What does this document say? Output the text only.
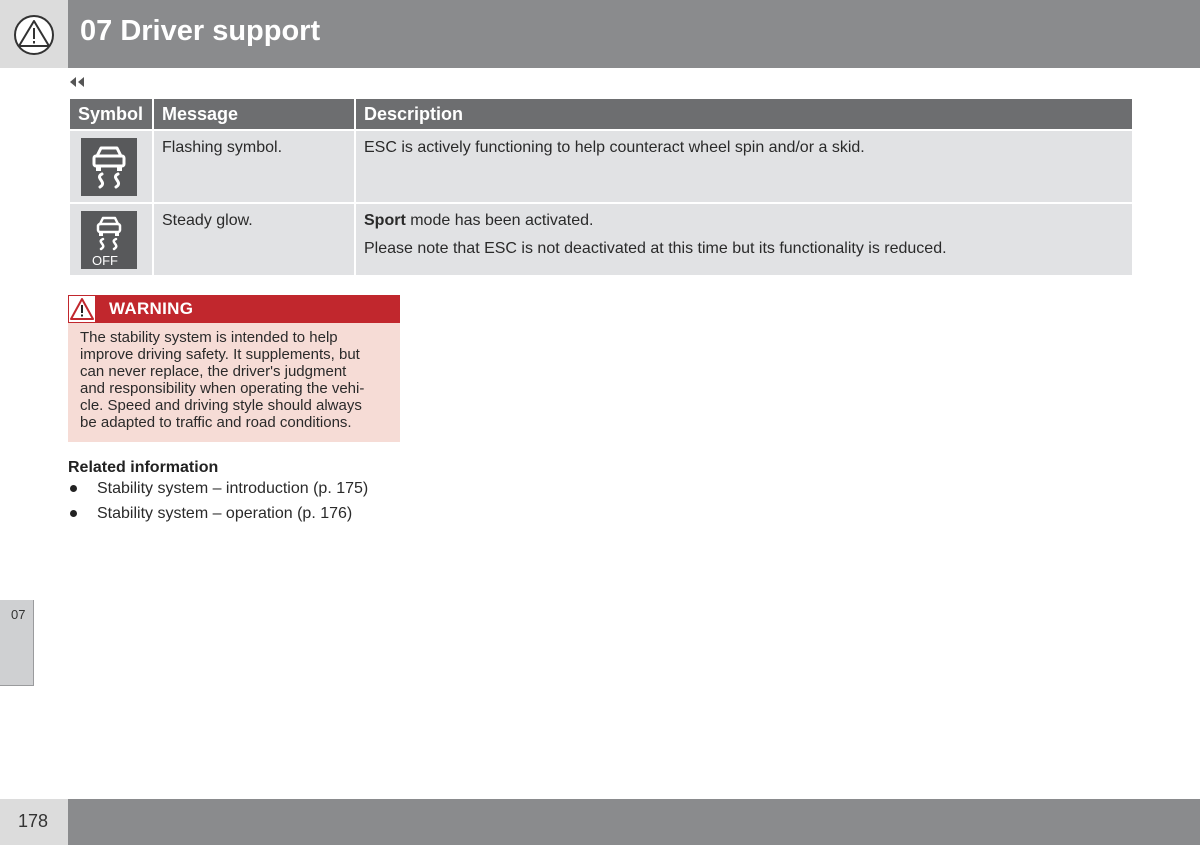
07 Driver support
Symbol	Message	Description

	Flashing symbol.	ESC is actively functioning to help counteract wheel spin and/or a skid.

OFF	Steady glow.	Sport mode has been activated.

Please note that ESC is not deactivated at this time but its functionality is reduced.

WARNING

The stability system is intended to help
improve driving safety. It supplements, but
can never replace, the driver's judgment
and responsibility when operating the vehi-
cle. Speed and driving style should always
be adapted to traffic and road conditions.

Related information
Stability system – introduction (p. 175)
Stability system – operation (p. 176)
07
178
